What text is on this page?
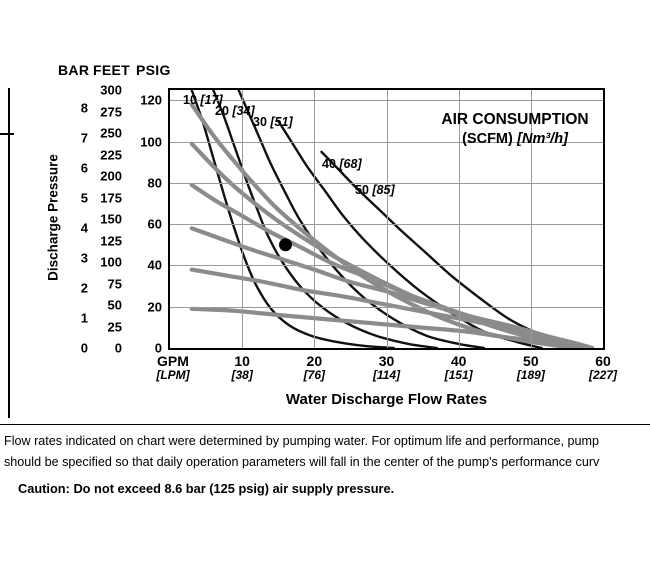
BAR FEET PSIG
Discharge Pressure
0
1
2
3
4
5
6
7
8
0
25
50
75
100
125
150
175
200
225
250
275
300
0
20
40
60
80
100
120
AIR CONSUMPTION
(SCFM) [Nm³/h]
GPM
[LPM]
Water Discharge Flow Rates
10 [17]
20 [34]
30 [51]
40 [68]
50 [85]
10
[38]
20
[76]
30
[114]
40
[151]
50
[189]
60
[227]
Flow rates indicated on chart were determined by pumping water. For optimum life and performance, pump
should be specified so that daily operation parameters will fall in the center of the pump's performance curv
Caution: Do not exceed 8.6 bar (125 psig) air supply pressure.
